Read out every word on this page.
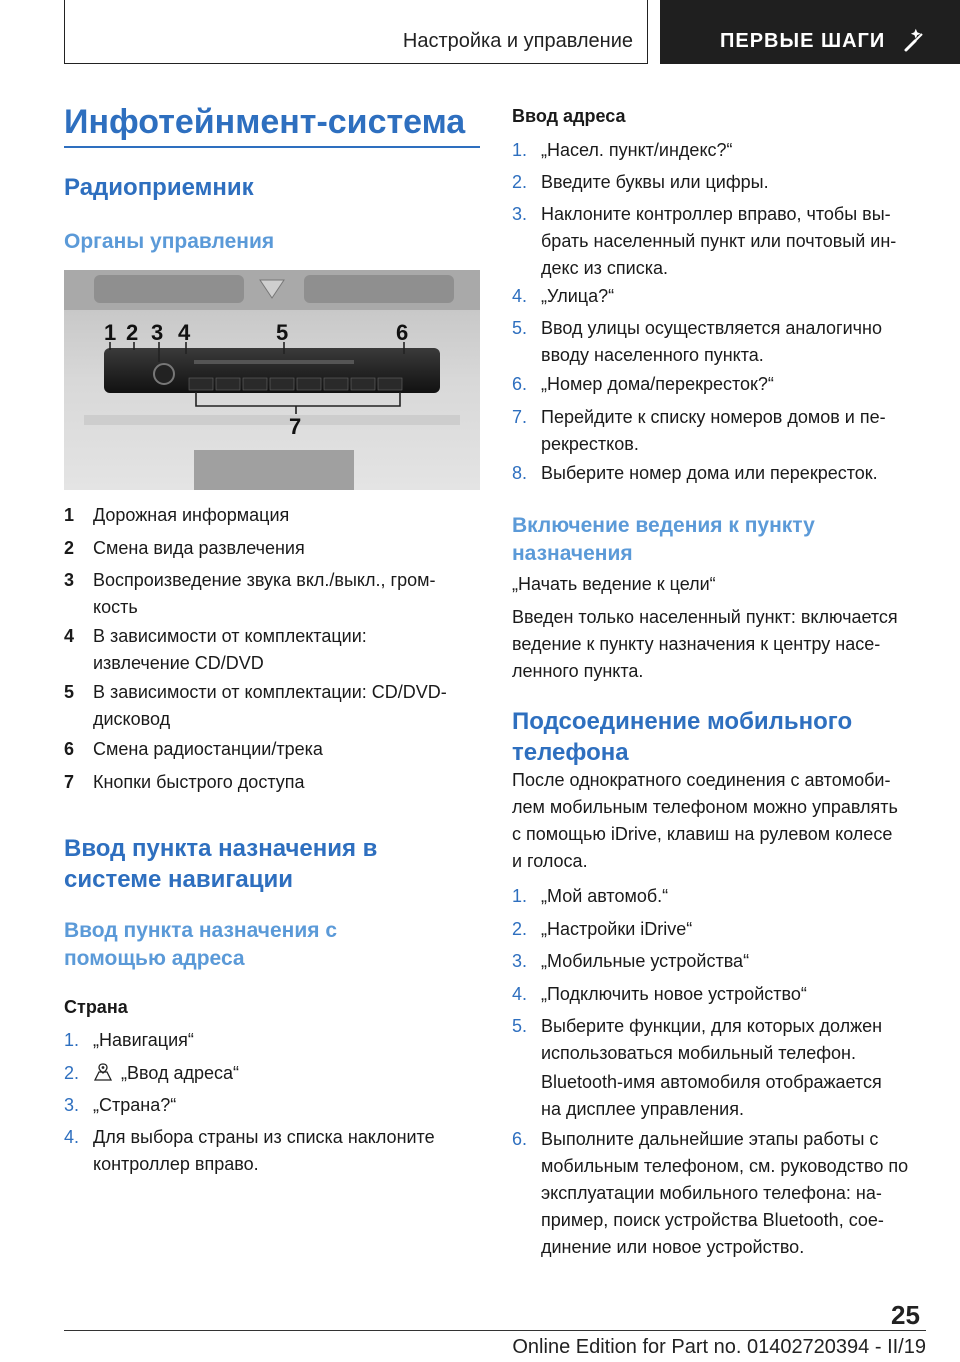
Настройка и управление	ПЕРВЫЕ ШАГИ
Инфотейнмент-система
Радиоприемник
Органы управления
1 2 3 4	5	6
7
1 Дорожная информация
2 Смена вида развлечения
3 Воспроизведение звука вкл./выкл., гром-
кость
4 В зависимости от комплектации:
извлечение CD/DVD
5 В зависимости от комплектации: CD/DVD-
дисковод
6 Смена радиостанции/трека
7 Кнопки быстрого доступа
Ввод пункта назначения в
системе навигации
Ввод пункта назначения с
помощью адреса
Страна
1. „Навигация“
2.	„Ввод адреса“
3. „Страна?“
4. Для выбора страны из списка наклоните
контроллер вправо.
Ввод адреса
1. „Насел. пункт/индекс?“
2. Введите буквы или цифры.
3. Наклоните контроллер вправо, чтобы вы-
брать населенный пункт или почтовый ин-
декс из списка.
4. „Улица?“
5. Ввод улицы осуществляется аналогично
вводу населенного пункта.
6. „Номер дома/перекресток?“
7. Перейдите к списку номеров домов и пе-
рекрестков.
8. Выберите номер дома или перекресток.
Включение ведения к пункту
назначения

„Начать ведение к цели“

Введен только населенный пункт: включается
ведение к пункту назначения к центру насе-
ленного пункта.

Подсоединение мобильного
телефона

После однократного соединения с автомоби-
лем мобильным телефоном можно управлять
с помощью iDrive, клавиш на рулевом колесе
и голоса.

1. „Мой автомоб.“
2. „Настройки iDrive“
3. „Мобильные устройства“
4. „Подключить новое устройство“
5. Выберите функции, для которых должен
использоваться мобильный телефон.
Bluetooth-имя автомобиля отображается
на дисплее управления.
6. Выполните дальнейшие этапы работы с
мобильным телефоном, см. руководство по
эксплуатации мобильного телефона: на-
пример, поиск устройства Bluetooth, сое-
динение или новое устройство.
25
Online Edition for Part no. 01402720394 - II/19
